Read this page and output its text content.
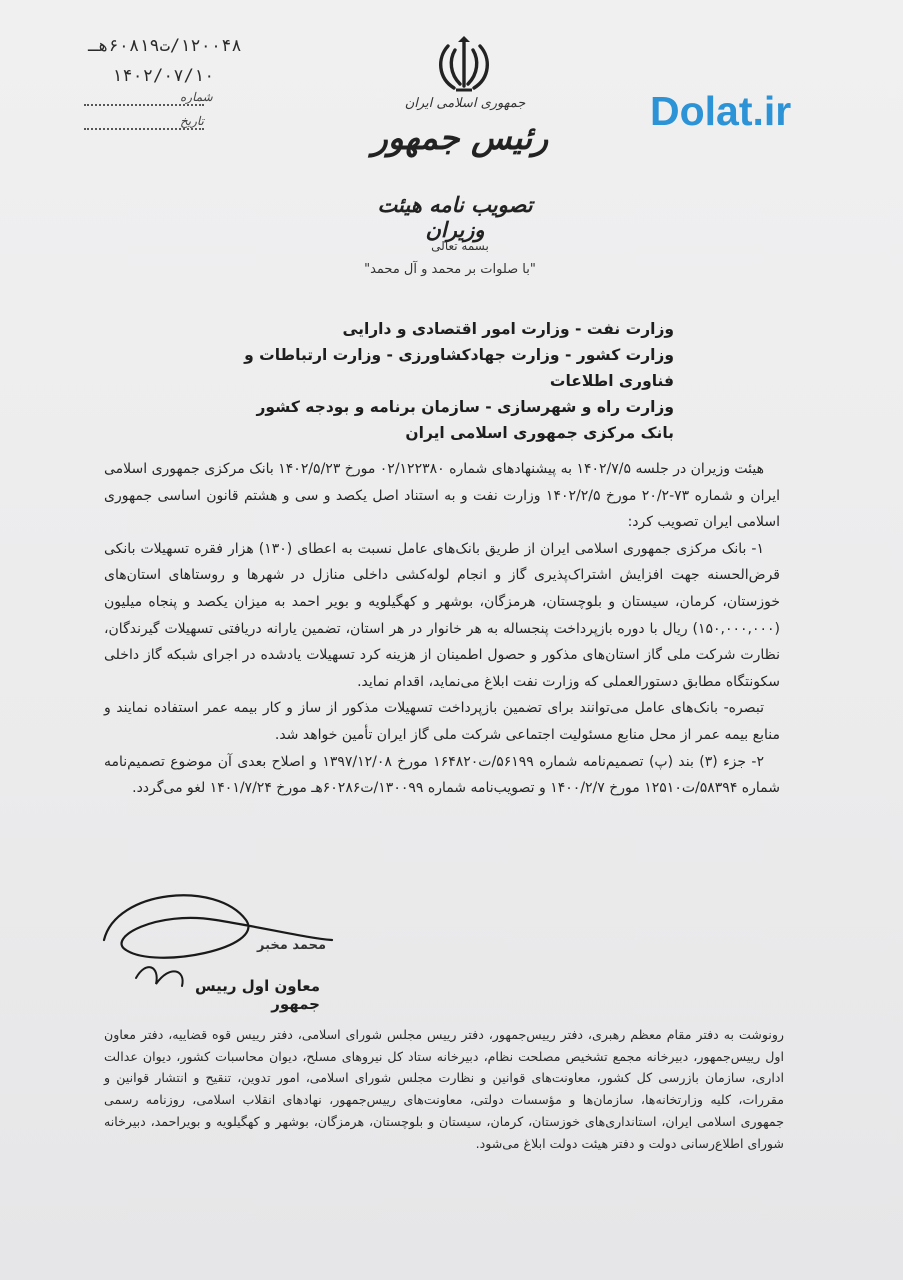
۱۲۰۰۴۸/ت۶۰۸۱۹هـ
۱۴۰۲/۰۷/۱۰
شماره
تاریخ
جمهوری اسلامی ایران
رئیس جمهور
تصویب نامه هیئت وزیران
بسمه تعالی
"با صلوات بر محمد و آل محمد"
Dolat.ir
وزارت نفت - وزارت امور اقتصادی و دارایی
وزارت کشور - وزارت جهادکشاورزی - وزارت ارتباطات و فناوری اطلاعات
وزارت راه و شهرسازی - سازمان برنامه و بودجه کشور
بانک مرکزی جمهوری اسلامی ایران

هیئت وزیران در جلسه ۱۴۰۲/۷/۵ به پیشنهادهای شماره ۰۲/۱۲۲۳۸۰ مورخ ۱۴۰۲/۵/۲۳ بانک مرکزی جمهوری اسلامی ایران و شماره ۷۳-۲۰/۲ مورخ ۱۴۰۲/۲/۵ وزارت نفت و به استناد اصل یکصد و سی و هشتم قانون اساسی جمهوری اسلامی ایران تصویب کرد:

۱- بانک مرکزی جمهوری اسلامی ایران از طریق بانک‌های عامل نسبت به اعطای (۱۳۰) هزار فقره تسهیلات بانکی قرض‌الحسنه جهت افزایش اشتراک‌پذیری گاز و انجام لوله‌کشی داخلی منازل در شهرها و روستاهای استان‌های خوزستان، کرمان، سیستان و بلوچستان، هرمزگان، بوشهر و کهگیلویه و بویر احمد به میزان یکصد و پنجاه میلیون (۱۵۰,۰۰۰,۰۰۰) ریال با دوره بازپرداخت پنجساله به هر خانوار در هر استان، تضمین یارانه دریافتی تسهیلات گیرندگان، نظارت شرکت ملی گاز استان‌های مذکور و حصول اطمینان از هزینه کرد تسهیلات یادشده در اجرای شبکه گاز داخلی سکونتگاه مطابق دستورالعملی که وزارت نفت ابلاغ می‌نماید، اقدام نماید.

تبصره- بانک‌های عامل می‌توانند برای تضمین بازپرداخت تسهیلات مذکور از ساز و کار بیمه عمر استفاده نمایند و منابع بیمه عمر از محل منابع مسئولیت اجتماعی شرکت ملی گاز ایران تأمین خواهد شد.

۲- جزء (۳) بند (پ) تصمیم‌نامه شماره ۵۶۱۹۹/ت۱۶۴۸۲۰ مورخ ۱۳۹۷/۱۲/۰۸ و اصلاح بعدی آن موضوع تصمیم‌نامه شماره ۵۸۳۹۴/ت۱۲۵۱۰ مورخ ۱۴۰۰/۲/۷ و تصویب‌نامه شماره ۱۳۰۰۹۹/ت۶۰۲۸۶هـ مورخ ۱۴۰۱/۷/۲۴ لغو می‌گردد.

محمد مخبر
معاون اول رییس جمهور
رونوشت به دفتر مقام معظم رهبری، دفتر رییس‌جمهور، دفتر رییس مجلس شورای اسلامی، دفتر رییس قوه قضاییه، دفتر معاون اول رییس‌جمهور، دبیرخانه مجمع تشخیص مصلحت نظام، دبیرخانه ستاد کل نیروهای مسلح، دیوان محاسبات کشور، دیوان عدالت اداری، سازمان بازرسی کل کشور، معاونت‌های قوانین و نظارت مجلس شورای اسلامی، امور تدوین، تنقیح و انتشار قوانین و مقررات، کلیه وزارتخانه‌ها، سازمان‌ها و مؤسسات دولتی، معاونت‌های رییس‌جمهور، نهادهای انقلاب اسلامی، روزنامه رسمی جمهوری اسلامی ایران، استانداری‌های خوزستان، کرمان، سیستان و بلوچستان، هرمزگان، بوشهر و کهگیلویه و بویراحمد، دبیرخانه شورای اطلاع‌رسانی دولت و دفتر هیئت دولت ابلاغ می‌شود.
